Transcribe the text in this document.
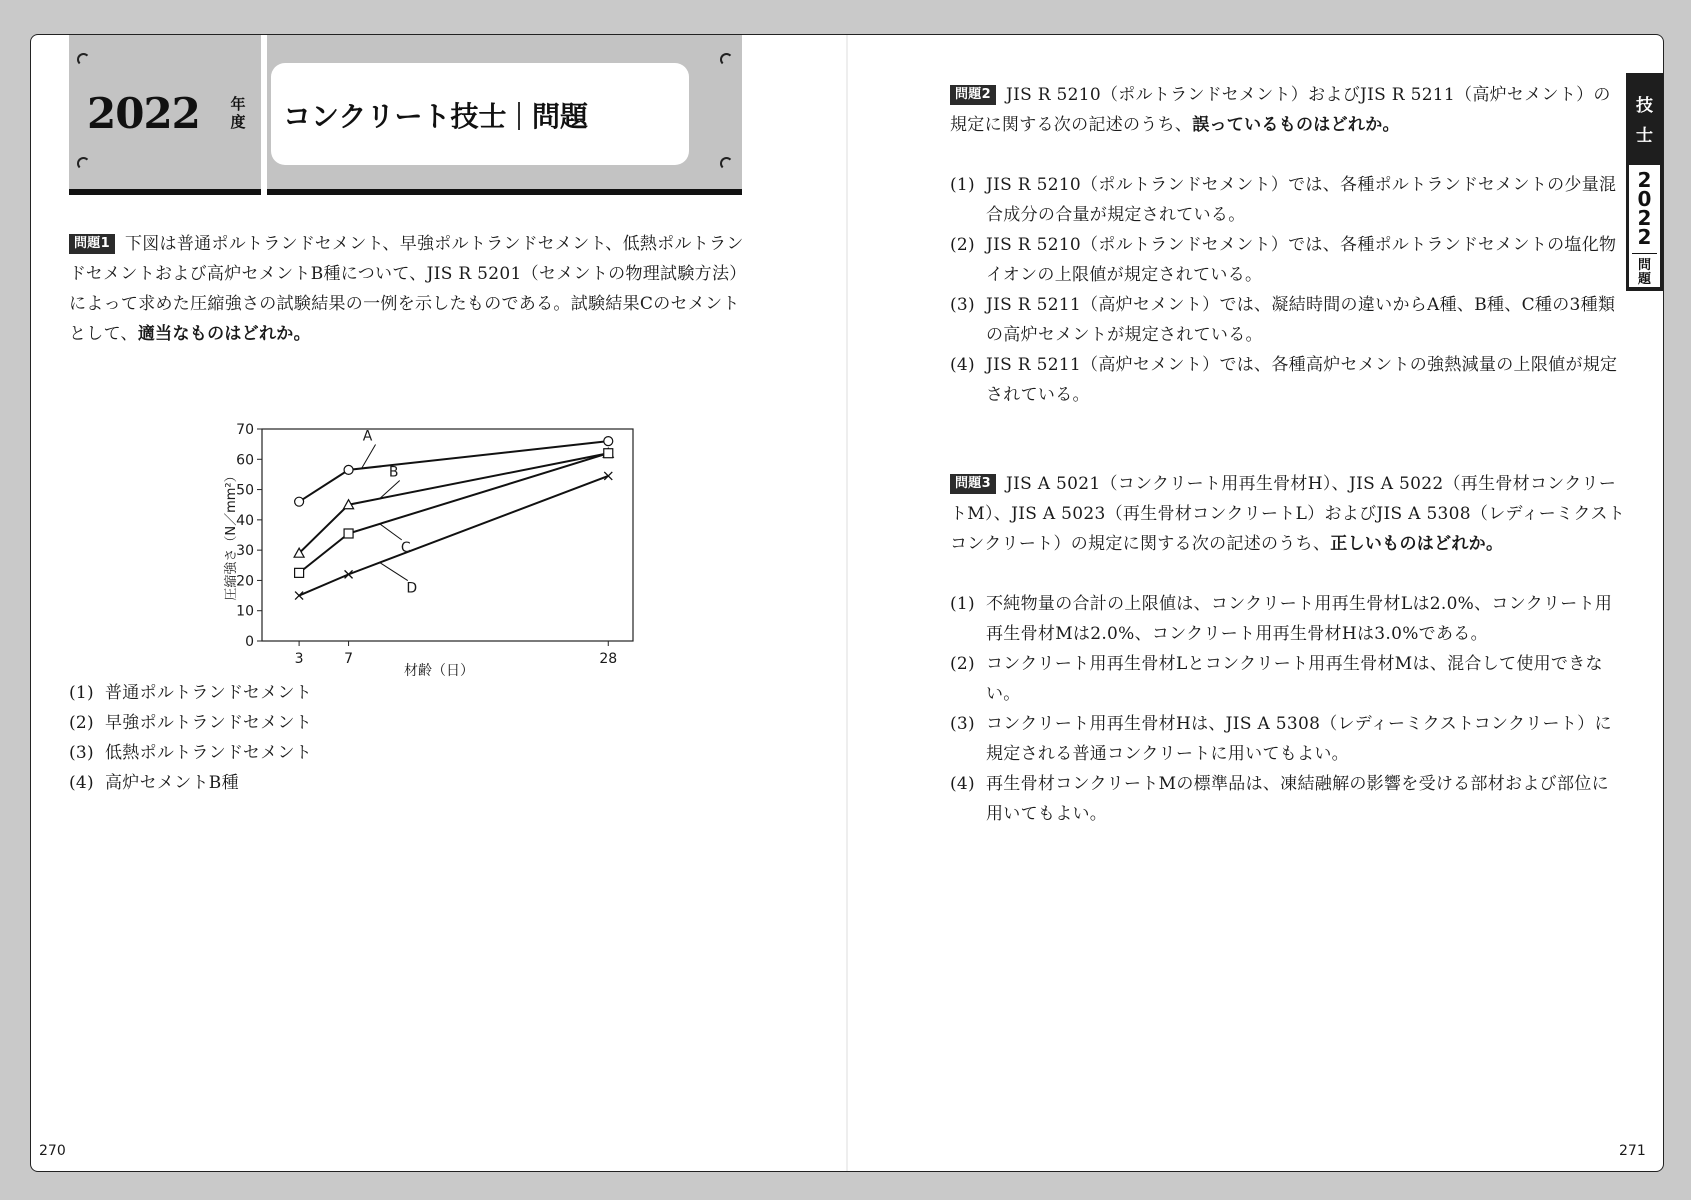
2022 年度 コンクリート技士 問題
問題1 下図は普通ポルトランドセメント、早強ポルトランドセメント、低熱ポルトランドセメントおよび高炉セメントB種について、JIS R 5201（セメントの物理試験方法）によって求めた圧縮強さの試験結果の一例を示したものである。試験結果Cのセメントとして、適当なものはどれか。
0
10
20
30
40
50
60
70
3	7	28
A
B
C
D
材齢（日）
圧縮強さ（N／mm²）
(1) 普通ポルトランドセメント
(2) 早強ポルトランドセメント
(3) 低熱ポルトランドセメント
(4) 高炉セメントB種
問題2 JIS R 5210（ポルトランドセメント）およびJIS R 5211（高炉セメント）の規定に関する次の記述のうち、誤っているものはどれか。
(1) JIS R 5210（ポルトランドセメント）では、各種ポルトランドセメントの少量混合成分の合量が規定されている。
(2) JIS R 5210（ポルトランドセメント）では、各種ポルトランドセメントの塩化物イオンの上限値が規定されている。
(3) JIS R 5211（高炉セメント）では、凝結時間の違いからA種、B種、C種の3種類の高炉セメントが規定されている。
(4) JIS R 5211（高炉セメント）では、各種高炉セメントの強熱減量の上限値が規定されている。
問題3 JIS A 5021（コンクリート用再生骨材H）、JIS A 5022（再生骨材コンクリートM）、JIS A 5023（再生骨材コンクリートL）およびJIS A 5308（レディーミクストコンクリート）の規定に関する次の記述のうち、正しいものはどれか。
(1) 不純物量の合計の上限値は、コンクリート用再生骨材Lは2.0%、コンクリート用再生骨材Mは2.0%、コンクリート用再生骨材Hは3.0%である。
(2) コンクリート用再生骨材Lとコンクリート用再生骨材Mは、混合して使用できない。
(3) コンクリート用再生骨材Hは、JIS A 5308（レディーミクストコンクリート）に規定される普通コンクリートに用いてもよい。
(4) 再生骨材コンクリートMの標準品は、凍結融解の影響を受ける部材および部位に用いてもよい。
技
士
2
0
2
2
問
題
270	271
